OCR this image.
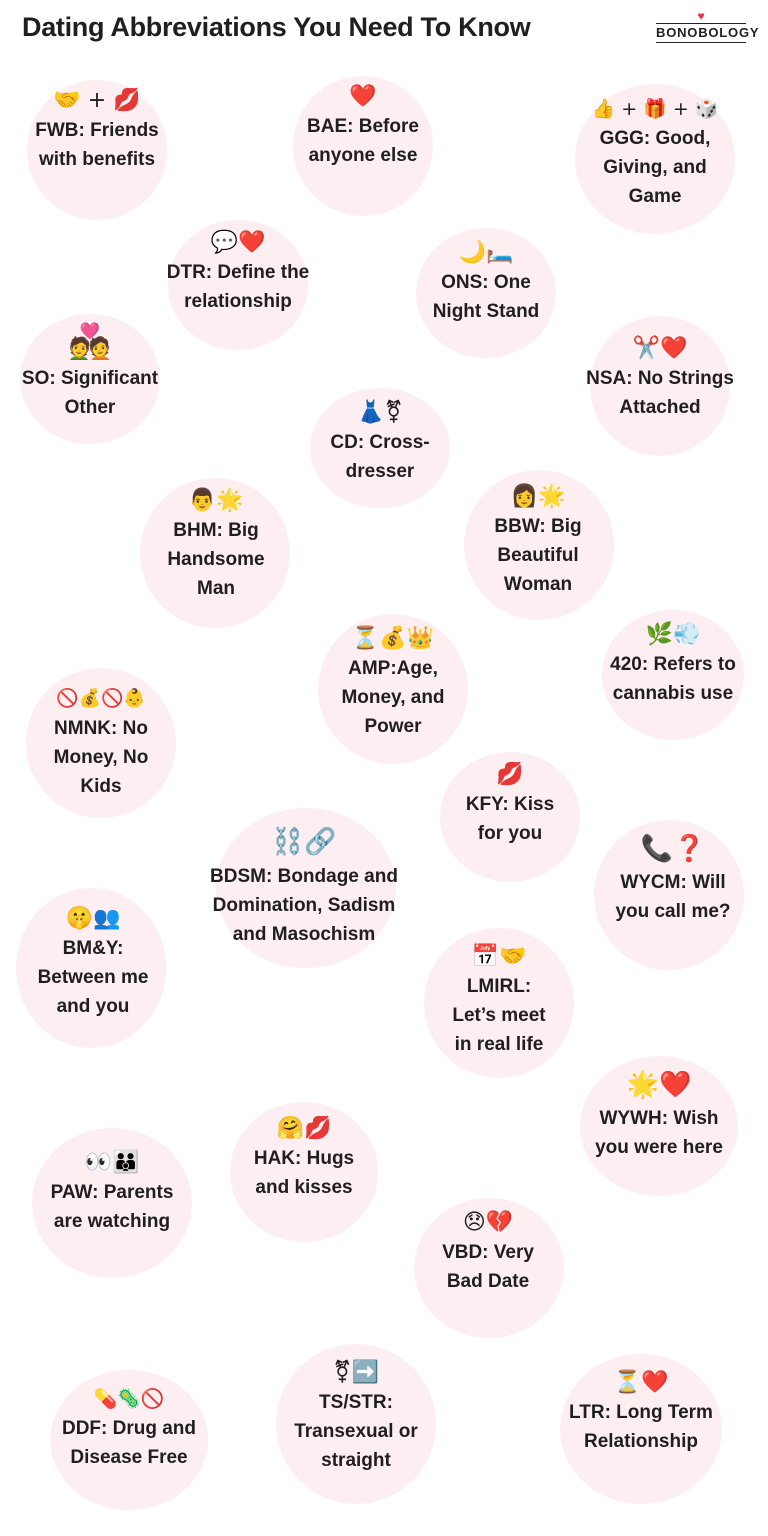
Dating Abbreviations You Need To Know	♥
BONOBOLOGY
🤝 + 💋
FWB: Friends
with benefits
❤️
BAE: Before
anyone else
👍 + 🎁 + 🎲
GGG: Good,
Giving, and
Game
💬❤️
DTR: Define the
relationship
🌙🛏️
ONS: One
Night Stand
💑
SO: Significant
Other
✂️❤️
NSA: No Strings
Attached
👗⚧
CD: Cross-
dresser
👨🌟
BHM: Big
Handsome
Man
👩🌟
BBW: Big
Beautiful
Woman
⏳💰👑
AMP:Age,
Money, and
Power
🌿💨
420: Refers to
cannabis use
🚫💰🚫👶
NMNK: No
Money, No
Kids	💋
KFY: Kiss
for you
⛓️🔗
BDSM: Bondage and
Domination, Sadism
and Masochism
📞❓
WYCM: Will
you call me?
🤫👥
BM&Y:
Between me
and you
📅🤝
LMIRL:
Let’s meet
in real life
🌟❤️
WYWH: Wish
you were here
🤗💋
HAK: Hugs
and kisses
👀👪
PAW: Parents
are watching	😞💔
VBD: Very
Bad Date
💊🦠🚫
DDF: Drug and
Disease Free
⚧➡️
TS/STR:
Transexual or
straight
⏳❤️
LTR: Long Term
Relationship
